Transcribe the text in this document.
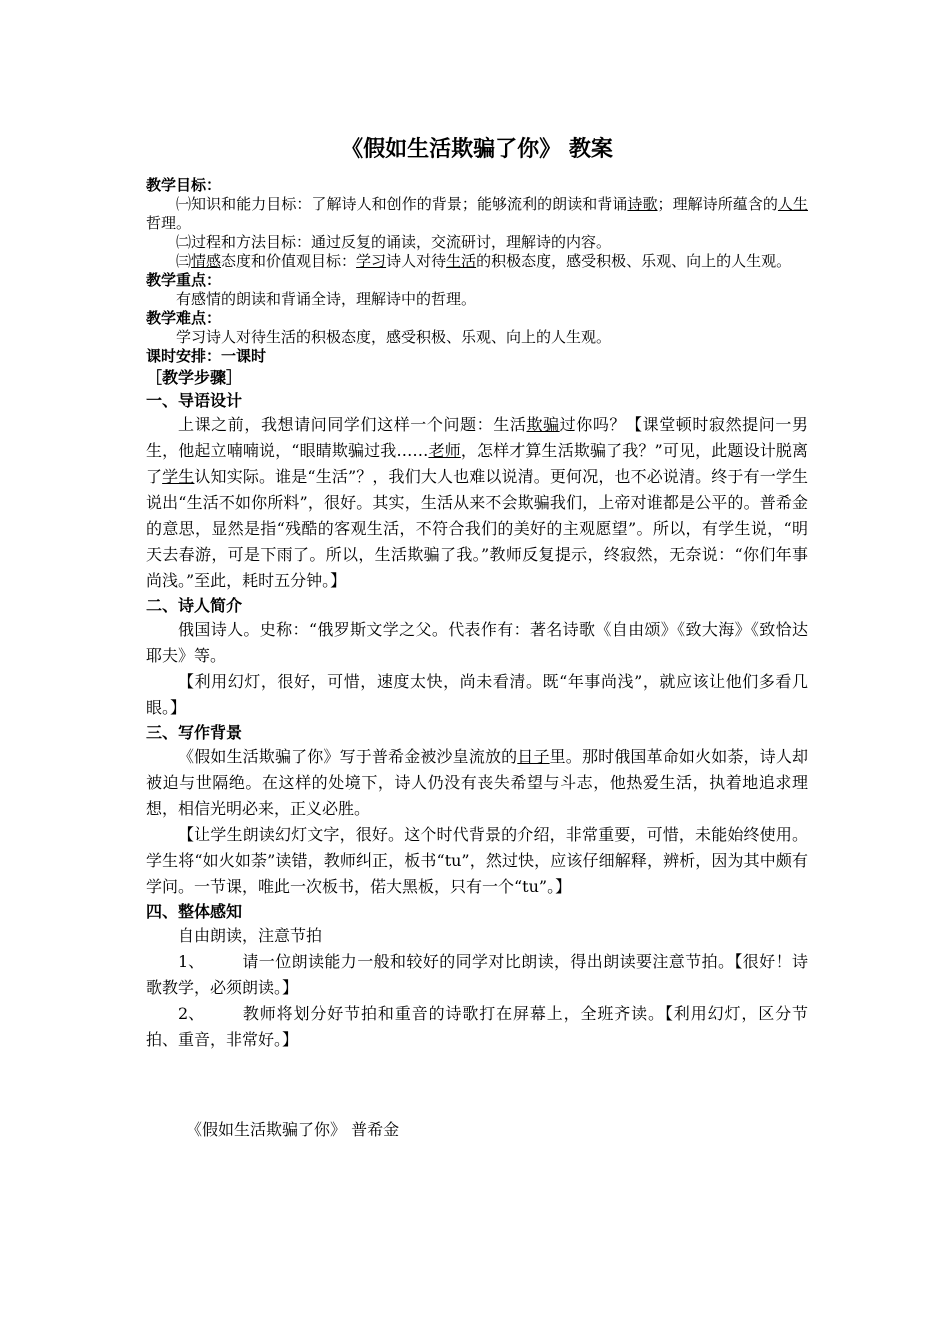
《假如生活欺骗了你》 教案
教学目标：
㈠知识和能力目标：了解诗人和创作的背景；能够流利的朗读和背诵诗歌；理解诗所蕴含的人生哲理。
㈡过程和方法目标：通过反复的诵读，交流研讨，理解诗的内容。
㈢情感态度和价值观目标：学习诗人对待生活的积极态度，感受积极、乐观、向上的人生观。
教学重点：
有感情的朗读和背诵全诗，理解诗中的哲理。
教学难点：
学习诗人对待生活的积极态度，感受积极、乐观、向上的人生观。
课时安排：一课时
［教学步骤］
一、导语设计
上课之前，我想请问同学们这样一个问题：生活欺骗过你吗？【课堂顿时寂然提问一男生，他起立喃喃说，“眼睛欺骗过我……老师，怎样才算生活欺骗了我？”可见，此题设计脱离了学生认知实际。谁是“生活”？，我们大人也难以说清。更何况，也不必说清。终于有一学生说出“生活不如你所料”，很好。其实，生活从来不会欺骗我们，上帝对谁都是公平的。普希金的意思，显然是指“残酷的客观生活，不符合我们的美好的主观愿望”。所以，有学生说，“明天去春游，可是下雨了。所以，生活欺骗了我。”教师反复提示，终寂然，无奈说：“你们年事尚浅。”至此，耗时五分钟。】
二、诗人简介
俄国诗人。史称：“俄罗斯文学之父。代表作有：著名诗歌《自由颂》《致大海》《致恰达耶夫》等。
【利用幻灯，很好，可惜，速度太快，尚未看清。既“年事尚浅”，就应该让他们多看几眼。】
三、写作背景
《假如生活欺骗了你》写于普希金被沙皇流放的日子里。那时俄国革命如火如荼，诗人却被迫与世隔绝。在这样的处境下，诗人仍没有丧失希望与斗志，他热爱生活，执着地追求理想，相信光明必来，正义必胜。
【让学生朗读幻灯文字，很好。这个时代背景的介绍，非常重要，可惜，未能始终使用。学生将“如火如荼”读错，教师纠正，板书“tu”，然过快，应该仔细解释，辨析，因为其中颇有学问。一节课，唯此一次板书，偌大黑板，只有一个“tu”。】
四、整体感知
自由朗读，注意节拍
1、 请一位朗读能力一般和较好的同学对比朗读，得出朗读要注意节拍。【很好！诗歌教学，必须朗读。】
2、 教师将划分好节拍和重音的诗歌打在屏幕上，全班齐读。【利用幻灯，区分节拍、重音，非常好。】
《假如生活欺骗了你》 普希金
